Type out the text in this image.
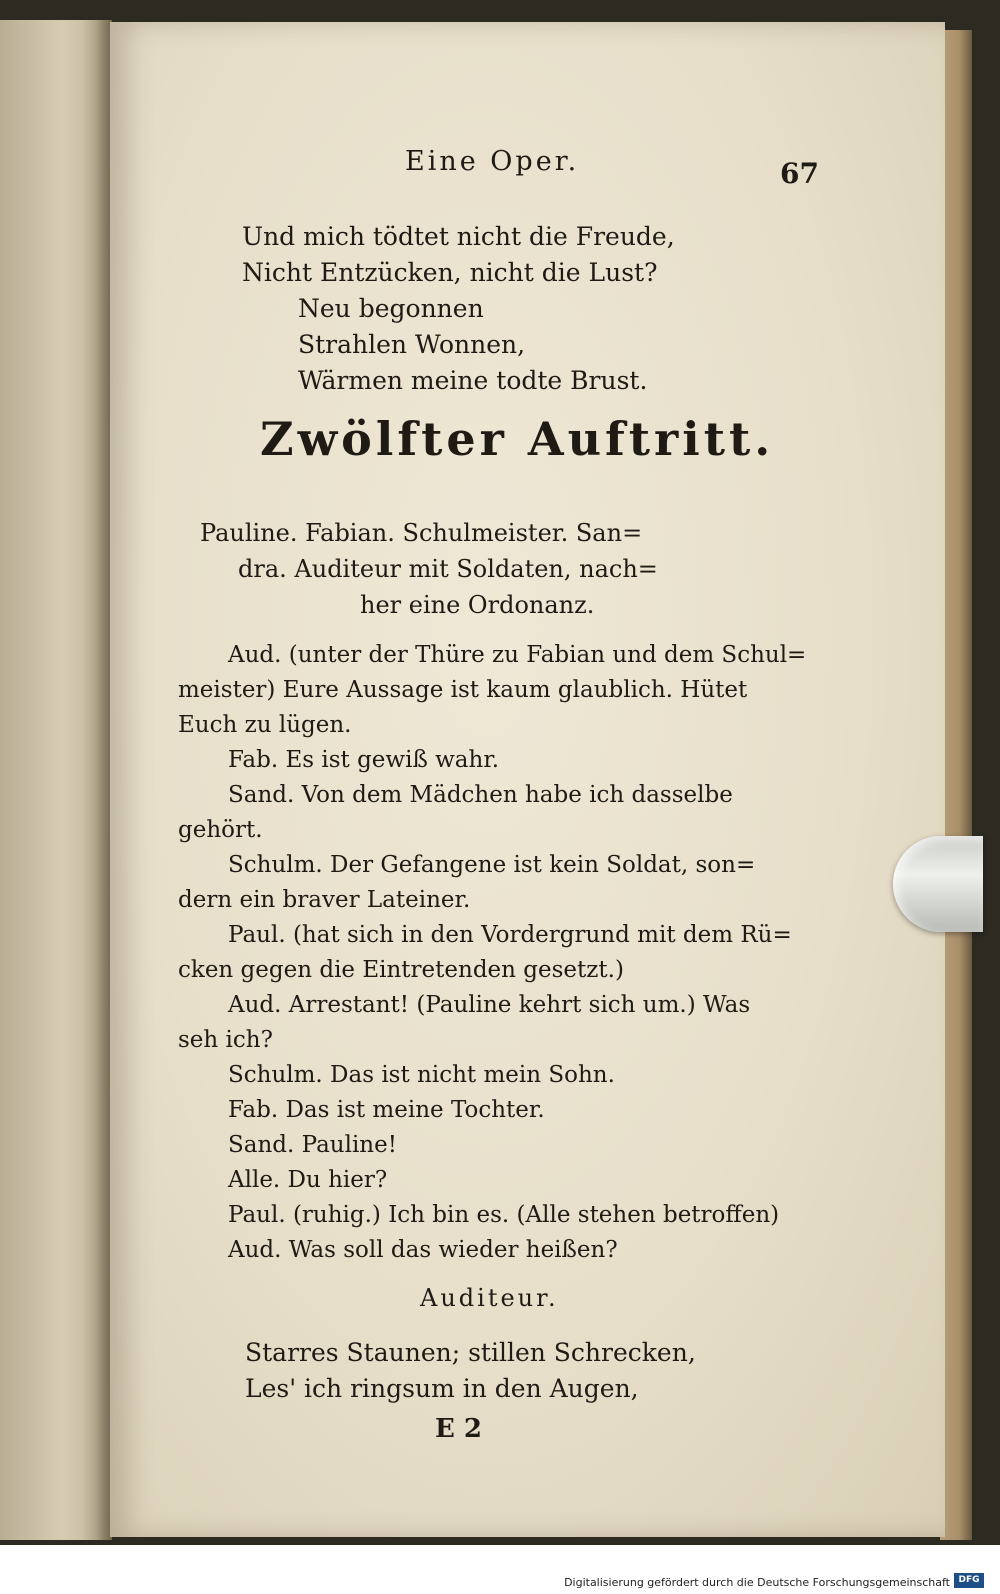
Eine Oper.	67
Und mich tödtet nicht die Freude,
Nicht Entzücken, nicht die Lust?
Neu begonnen
Strahlen Wonnen,
Wärmen meine todte Brust.
Zwölfter Auftritt.
Pauline. Fabian. Schulmeister. San=
dra. Auditeur mit Soldaten, nach=
her eine Ordonanz.
Aud. (unter der Thüre zu Fabian und dem Schul=
meister) Eure Aussage ist kaum glaublich. Hütet
Euch zu lügen.
Fab. Es ist gewiß wahr.
Sand. Von dem Mädchen habe ich dasselbe
gehört.
Schulm. Der Gefangene ist kein Soldat, son=
dern ein braver Lateiner.
Paul. (hat sich in den Vordergrund mit dem Rü=
cken gegen die Eintretenden gesetzt.)
Aud. Arrestant! (Pauline kehrt sich um.) Was
seh ich?
Schulm. Das ist nicht mein Sohn.
Fab. Das ist meine Tochter.
Sand. Pauline!
Alle. Du hier?
Paul. (ruhig.) Ich bin es. (Alle stehen betroffen)
Aud. Was soll das wieder heißen?
Auditeur.
Starres Staunen; stillen Schrecken,
Les' ich ringsum in den Augen,
E 2
Digitalisierung gefördert durch die Deutsche Forschungsgemeinschaft DFG
